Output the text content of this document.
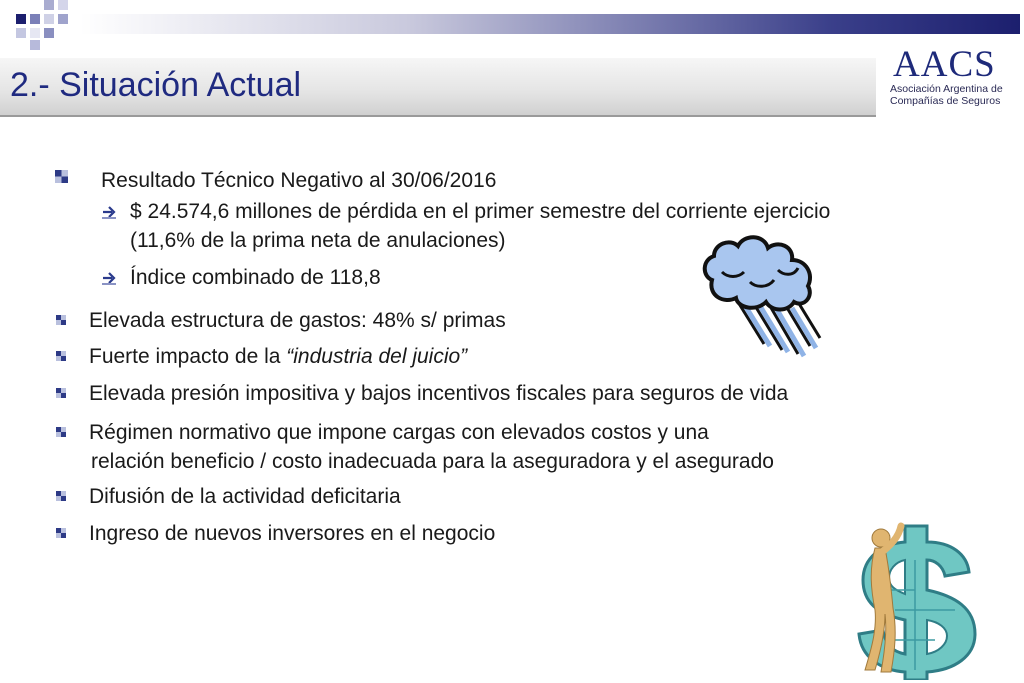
2.- Situación Actual	AACS
Asociación Argentina de
Compañías de Seguros
Resultado Técnico Negativo al 30/06/2016
$ 24.574,6 millones de pérdida en el primer semestre del corriente ejercicio
(11,6% de la prima neta de anulaciones)
Índice combinado de 118,8
Elevada estructura de gastos: 48% s/ primas
Fuerte impacto de la “industria del juicio”
Elevada presión impositiva y bajos incentivos fiscales para seguros de vida
Régimen normativo que impone cargas con elevados costos y una
relación beneficio / costo inadecuada para la aseguradora y el asegurado
Difusión de la actividad deficitaria
Ingreso de nuevos inversores en el negocio
